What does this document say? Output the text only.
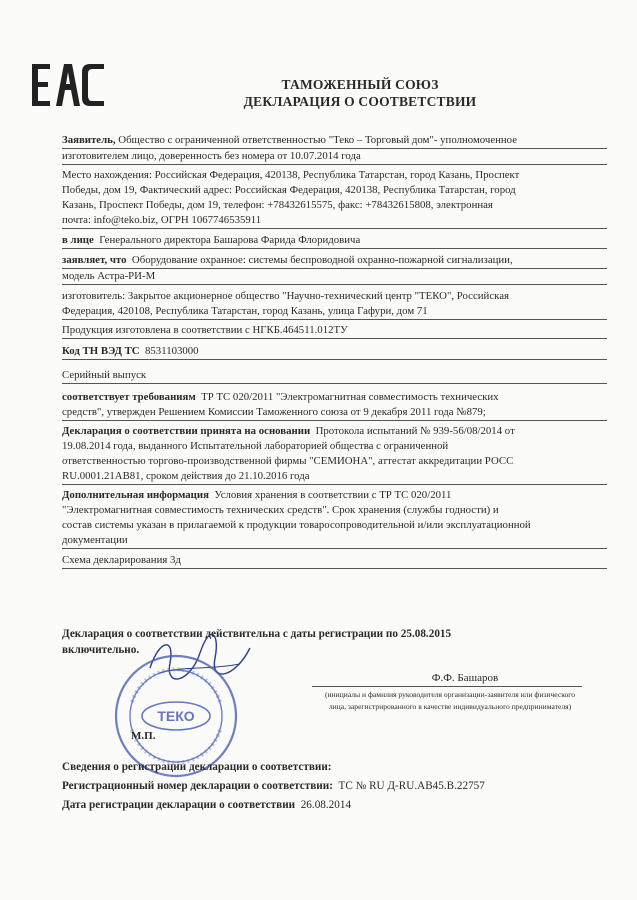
ТАМОЖЕННЫЙ СОЮЗ
ДЕКЛАРАЦИЯ О СООТВЕТСТВИИ
Заявитель, Общество с ограниченной ответственностью "Теко – Торговый дом"- уполномоченное
изготовителем лицо, доверенность без номера от 10.07.2014 года
Место нахождения: Российская Федерация, 420138, Республика Татарстан, город Казань, Проспект
Победы, дом 19, Фактический адрес: Российская Федерация, 420138, Республика Татарстан, город
Казань, Проспект Победы, дом 19, телефон: +78432615575, факс: +78432615808, электронная
почта: info@teko.biz, ОГРН 1067746535911
в лице Генерального директора Башарова Фарида Флоридовича
заявляет, что Оборудование охранное: системы беспроводной охранно-пожарной сигнализации,
модель Астра-РИ-М
изготовитель: Закрытое акционерное общество "Научно-технический центр "ТЕКО", Российская
Федерация, 420108, Республика Татарстан, город Казань, улица Гафури, дом 71
Продукция изготовлена в соответствии с НГКБ.464511.012ТУ
Код ТН ВЭД ТС 8531103000
Серийный выпуск
соответствует требованиям ТР ТС 020/2011 "Электромагнитная совместимость технических
средств", утвержден Решением Комиссии Таможенного союза от 9 декабря 2011 года №879;
Декларация о соответствии принята на основании Протокола испытаний № 939-56/08/2014 от
19.08.2014 года, выданного Испытательной лабораторией общества с ограниченной
ответственностью торгово-производственной фирмы "СЕМИОНА", аттестат аккредитации РОСС
RU.0001.21АВ81, сроком действия до 21.10.2016 года
Дополнительная информация Условия хранения в соответствии с ТР ТС 020/2011
"Электромагнитная совместимость технических средств". Срок хранения (службы годности) и
состав системы указан в прилагаемой к продукции товаросопроводительной и/или эксплуатационной
документации
Схема декларирования 3д
Декларация о соответствии действительна с даты регистрации по 25.08.2015
включительно.
ТЕКО
Ф.Ф. Башаров
(инициалы и фамилия руководителя организации-заявителя или физического
лица, зарегистрированного в качестве индивидуального предпринимателя)
М.П.
Сведения о регистрации декларации о соответствии:
Регистрационный номер декларации о соответствии: ТС № RU Д-RU.АВ45.В.22757
Дата регистрации декларации о соответствии 26.08.2014
